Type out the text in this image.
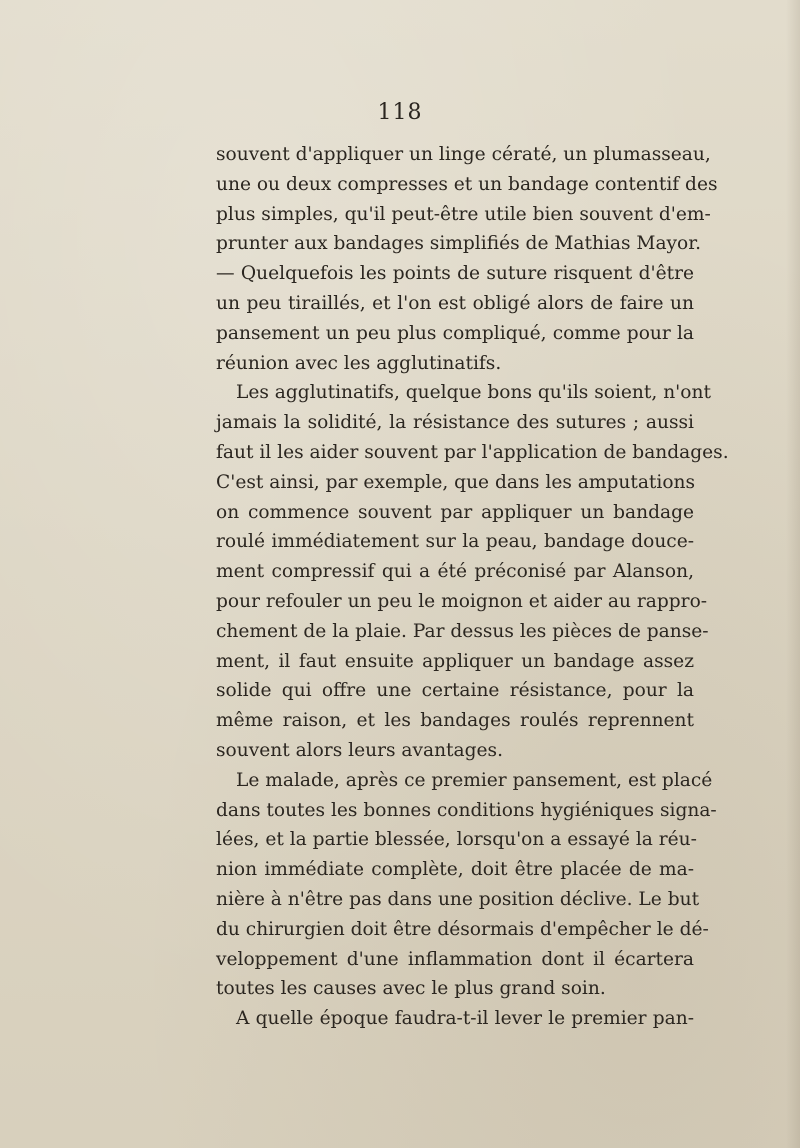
118
souvent d'appliquer un linge cératé, un plumasseau,
une ou deux compresses et un bandage contentif des
plus simples, qu'il peut-être utile bien souvent d'em-
prunter aux bandages simplifiés de Mathias Mayor.
— Quelquefois les points de suture risquent d'être
un peu tiraillés, et l'on est obligé alors de faire un
pansement un peu plus compliqué, comme pour la
réunion avec les agglutinatifs.
Les agglutinatifs, quelque bons qu'ils soient, n'ont
jamais la solidité, la résistance des sutures ; aussi
faut il les aider souvent par l'application de bandages.
C'est ainsi, par exemple, que dans les amputations
on commence souvent par appliquer un bandage
roulé immédiatement sur la peau, bandage douce-
ment compressif qui a été préconisé par Alanson,
pour refouler un peu le moignon et aider au rappro-
chement de la plaie. Par dessus les pièces de panse-
ment, il faut ensuite appliquer un bandage assez
solide qui offre une certaine résistance, pour la
même raison, et les bandages roulés reprennent
souvent alors leurs avantages.
Le malade, après ce premier pansement, est placé
dans toutes les bonnes conditions hygiéniques signa-
lées, et la partie blessée, lorsqu'on a essayé la réu-
nion immédiate complète, doit être placée de ma-
nière à n'être pas dans une position déclive. Le but
du chirurgien doit être désormais d'empêcher le dé-
veloppement d'une inflammation dont il écartera
toutes les causes avec le plus grand soin.
A quelle époque faudra-t-il lever le premier pan-
